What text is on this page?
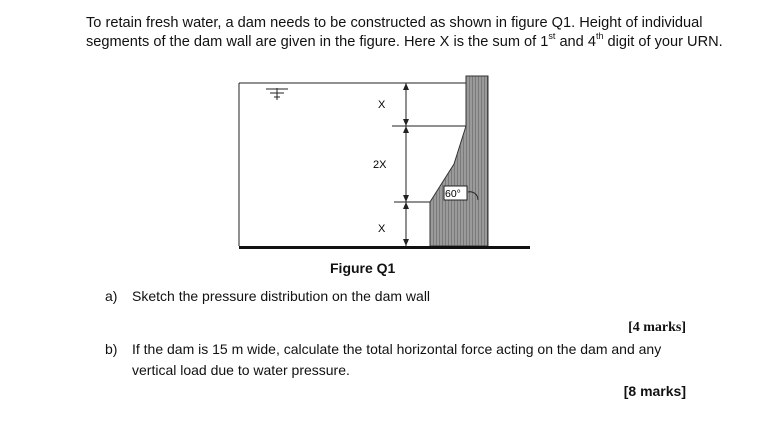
To retain fresh water, a dam needs to be constructed as shown in figure Q1. Height of individual segments of the dam wall are given in the figure. Here X is the sum of 1st and 4th digit of your URN.
X
2X
X
60°
Figure Q1
a) Sketch the pressure distribution on the dam wall
[4 marks]
b) If the dam is 15 m wide, calculate the total horizontal force acting on the dam and any vertical load due to water pressure.
[8 marks]
